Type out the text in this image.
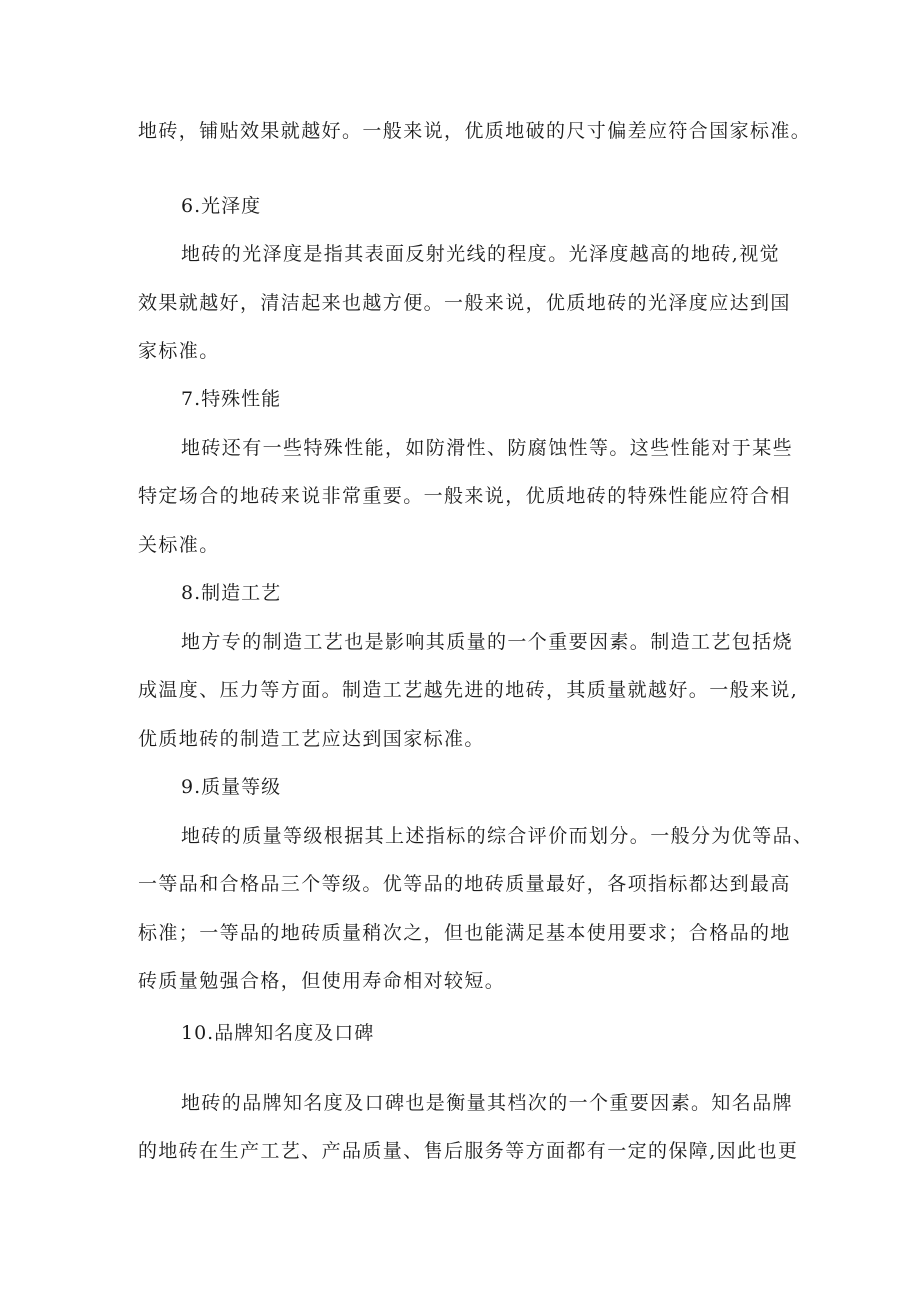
地砖，铺贴效果就越好。一般来说，优质地破的尺寸偏差应符合国家标准。

6.光泽度

地砖的光泽度是指其表面反射光线的程度。光泽度越高的地砖,视觉

效果就越好，清洁起来也越方便。一般来说，优质地砖的光泽度应达到国

家标准。

7.特殊性能

地砖还有一些特殊性能，如防滑性、防腐蚀性等。这些性能对于某些

特定场合的地砖来说非常重要。一般来说，优质地砖的特殊性能应符合相

关标准。

8.制造工艺

地方专的制造工艺也是影响其质量的一个重要因素。制造工艺包括烧

成温度、压力等方面。制造工艺越先进的地砖，其质量就越好。一般来说,

优质地砖的制造工艺应达到国家标准。

9.质量等级

地砖的质量等级根据其上述指标的综合评价而划分。一般分为优等品、

一等品和合格品三个等级。优等品的地砖质量最好，各项指标都达到最高

标准；一等品的地砖质量稍次之，但也能满足基本使用要求；合格品的地

砖质量勉强合格，但使用寿命相对较短。

10.品牌知名度及口碑

地砖的品牌知名度及口碑也是衡量其档次的一个重要因素。知名品牌

的地砖在生产工艺、产品质量、售后服务等方面都有一定的保障,因此也更
